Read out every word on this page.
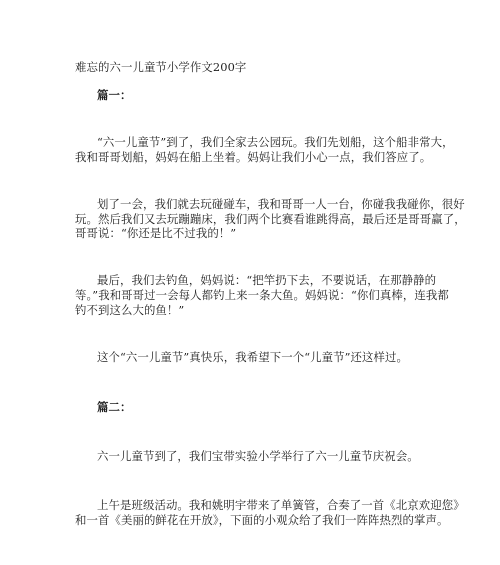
难忘的六一儿童节小学作文200字
篇一：
“六一儿童节”到了，我们全家去公园玩。我们先划船，这个船非常大，
我和哥哥划船，妈妈在船上坐着。妈妈让我们小心一点，我们答应了。
划了一会，我们就去玩碰碰车，我和哥哥一人一台，你碰我我碰你，很好
玩。然后我们又去玩蹦蹦床，我们两个比赛看谁跳得高，最后还是哥哥赢了，
哥哥说：“你还是比不过我的！”
最后，我们去钓鱼，妈妈说：“把竿扔下去，不要说话，在那静静的
等。”我和哥哥过一会每人都钓上来一条大鱼。妈妈说：“你们真棒，连我都
钓不到这么大的鱼！”
这个“六一儿童节”真快乐，我希望下一个“儿童节”还这样过。
篇二：
六一儿童节到了，我们宝带实验小学举行了六一儿童节庆祝会。
上午是班级活动。我和姚明宇带来了单簧管，合奏了一首《北京欢迎您》
和一首《美丽的鲜花在开放》，下面的小观众给了我们一阵阵热烈的掌声。
